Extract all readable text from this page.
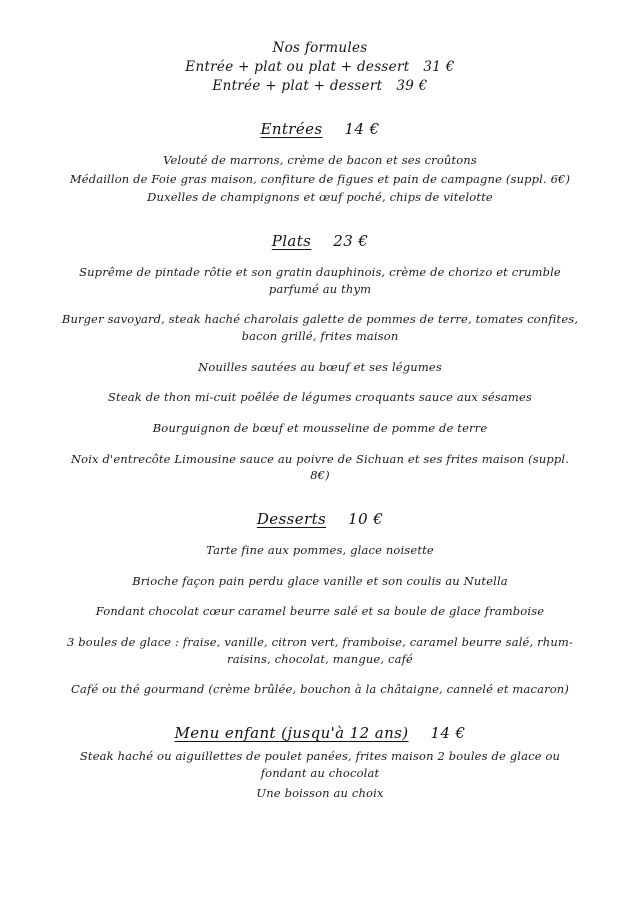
Nos formules
Entrée + plat ou plat + dessert 31 €
Entrée + plat + dessert 39 €
Entrées 14 €

Velouté de marrons, crème de bacon et ses croûtons

Médaillon de Foie gras maison, confiture de figues et pain de campagne (suppl. 6€)

Duxelles de champignons et œuf poché, chips de vitelotte

Plats 23 €

Suprême de pintade rôtie et son gratin dauphinois, crème de chorizo et crumble parfumé au thym

Burger savoyard, steak haché charolais galette de pommes de terre, tomates confites, bacon grillé, frites maison

Nouilles sautées au bœuf et ses légumes

Steak de thon mi-cuit poêlée de légumes croquants sauce aux sésames

Bourguignon de bœuf et mousseline de pomme de terre

Noix d'entrecôte Limousine sauce au poivre de Sichuan et ses frites maison (suppl. 8€)

Desserts 10 €

Tarte fine aux pommes, glace noisette

Brioche façon pain perdu glace vanille et son coulis au Nutella

Fondant chocolat cœur caramel beurre salé et sa boule de glace framboise

3 boules de glace : fraise, vanille, citron vert, framboise, caramel beurre salé, rhum-raisins, chocolat, mangue, café

Café ou thé gourmand (crème brûlée, bouchon à la châtaigne, cannelé et macaron)

Menu enfant (jusqu'à 12 ans) 14 €

Steak haché ou aiguillettes de poulet panées, frites maison 2 boules de glace ou fondant au chocolat

Une boisson au choix
